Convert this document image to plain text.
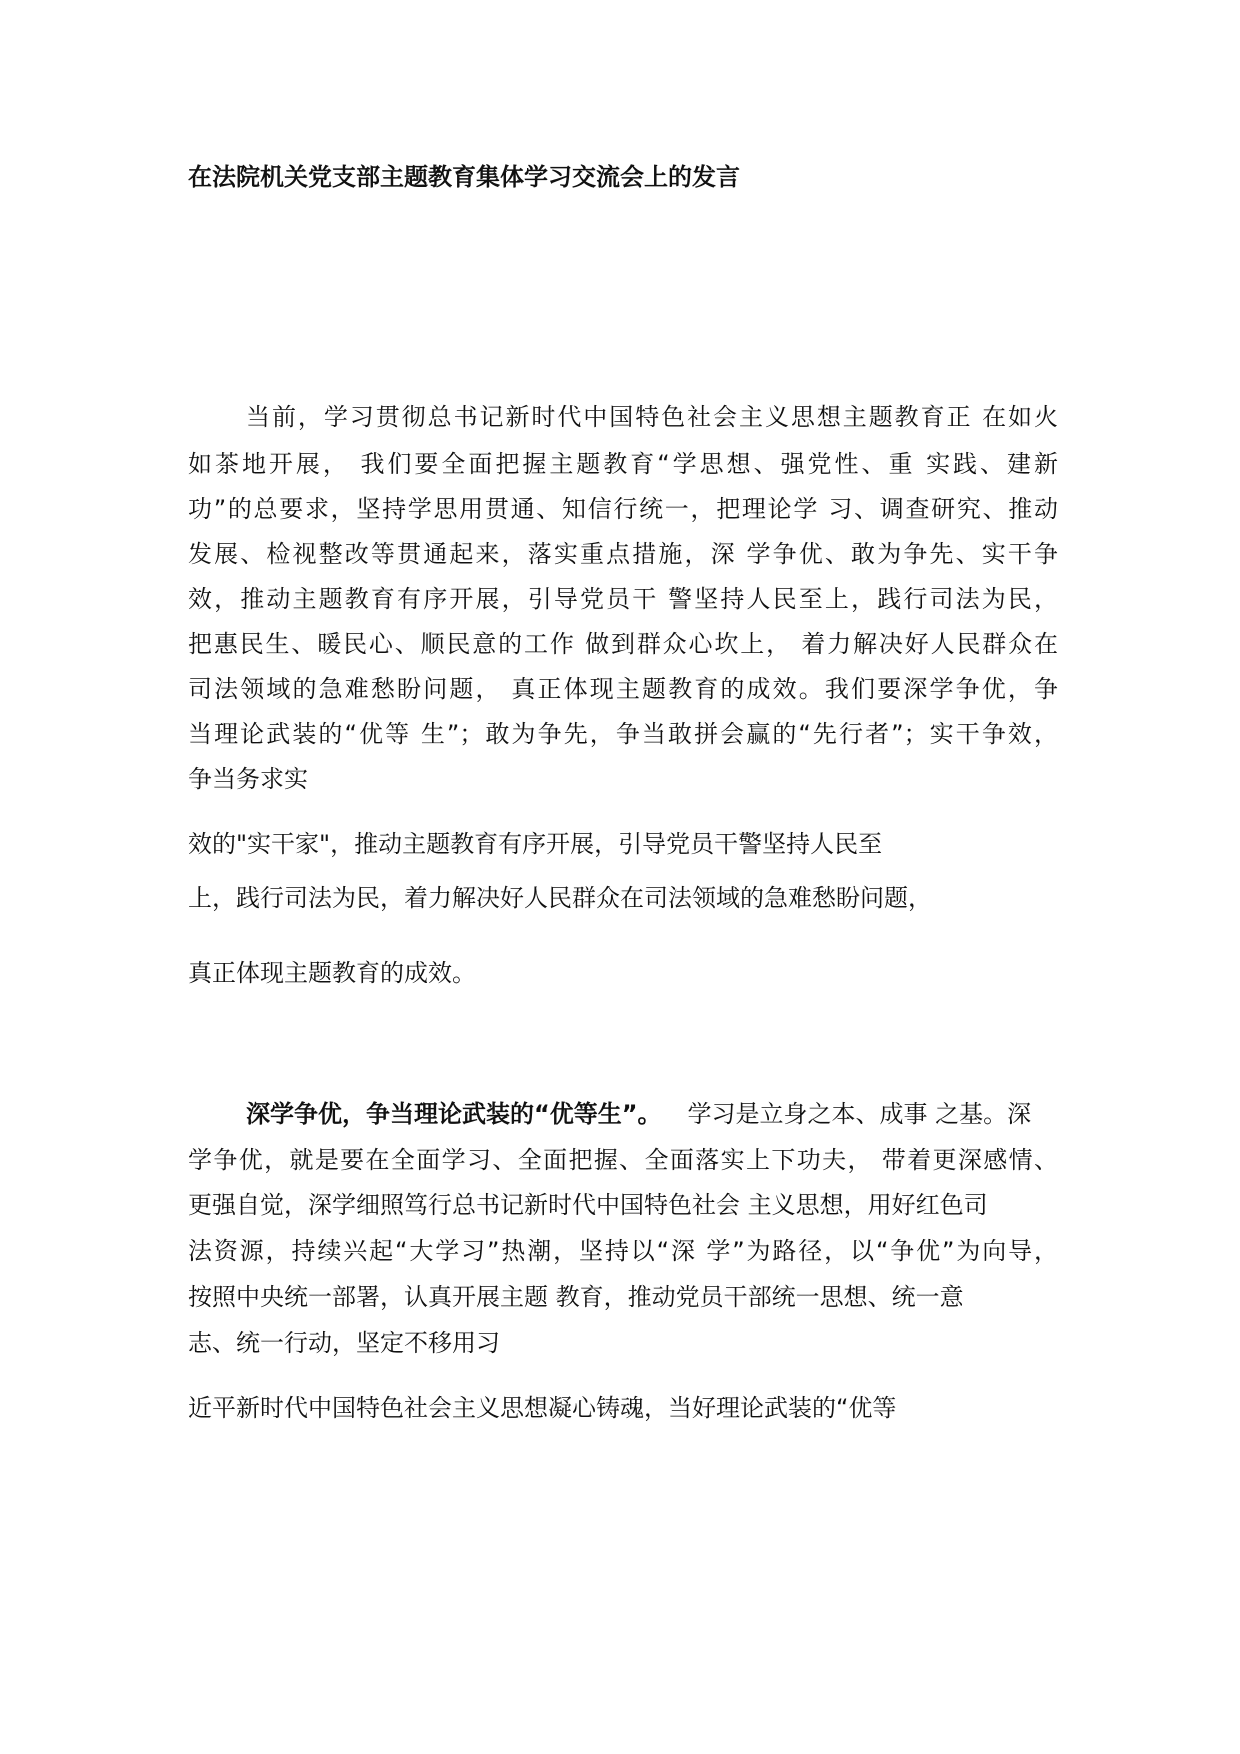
在法院机关党支部主题教育集体学习交流会上的发言
当前，学习贯彻总书记新时代中国特色社会主义思想主题教育正 在如火
如茶地开展， 我们要全面把握主题教育“学思想、强党性、重 实践、建新
功”的总要求，坚持学思用贯通、知信行统一，把理论学 习、调查研究、推动
发展、检视整改等贯通起来，落实重点措施，深 学争优、敢为争先、实干争
效，推动主题教育有序开展，引导党员干 警坚持人民至上，践行司法为民，
把惠民生、暖民心、顺民意的工作 做到群众心坎上， 着力解决好人民群众在
司法领域的急难愁盼问题， 真正体现主题教育的成效。我们要深学争优，争
当理论武装的“优等 生”；敢为争先，争当敢拼会赢的“先行者”；实干争效，
争当务求实
效的"实干家"，推动主题教育有序开展，引导党员干警坚持人民至
上，践行司法为民，着力解决好人民群众在司法领域的急难愁盼问题，
真正体现主题教育的成效。
深学争优，争当理论武装的“优等生”。 学习是立身之本、成事 之基。深
学争优，就是要在全面学习、全面把握、全面落实上下功夫， 带着更深感情、
更强自觉，深学细照笃行总书记新时代中国特色社会 主义思想，用好红色司
法资源，持续兴起“大学习”热潮，坚持以“深 学”为路径，以“争优”为向导，
按照中央统一部署，认真开展主题 教育，推动党员干部统一思想、统一意
志、统一行动，坚定不移用习
近平新时代中国特色社会主义思想凝心铸魂，当好理论武装的“优等
